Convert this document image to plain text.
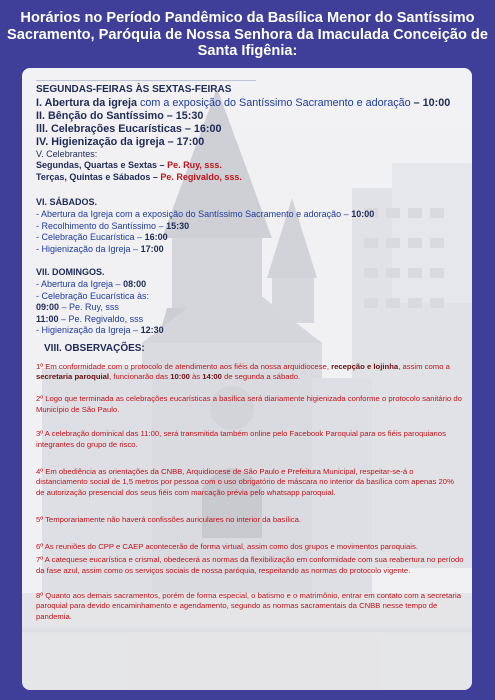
Horários no Período Pandêmico da Basílica Menor do Santíssimo
Sacramento, Paróquia de Nossa Senhora da Imaculada Conceição de
Santa Ifigênia:
SEGUNDAS-FEIRAS ÀS SEXTAS-FEIRAS
I. Abertura da igreja com a exposição do Santíssimo Sacramento e adoração – 10:00
II. Bênção do Santíssimo – 15:30
lll. Celebrações Eucarísticas – 16:00
IV. Higienização da igreja – 17:00
V. Celebrantes:
Segundas, Quartas e Sextas – Pe. Ruy, sss.
Terças, Quintas e Sábados – Pe. Regivaldo, sss.
VI. SÁBADOS.
- Abertura da Igreja com a exposição do Santíssimo Sacramento e adoração – 10:00
- Recolhimento do Santíssimo – 15:30
- Celebração Eucarística – 16:00
- Higienização da Igreja – 17:00
VII. DOMINGOS.
- Abertura da Igreja – 08:00
- Celebração Eucarística às:
09:00 – Pe. Ruy, sss
11:00 – Pe. Regivaldo, sss
- Higienização da Igreja – 12:30
VIII. OBSERVAÇÕES:
1º Em conformidade com o protocolo de atendimento aos fiéis da nossa arquidiocese, recepção e lojinha, assim como a secretaria paroquial, funcionarão das 10:00 às 14:00 de segunda a sábado.
2º Logo que terminada as celebrações eucarísticas a basílica será diariamente higienizada conforme o protocolo sanitário do Município de São Paulo.
3º A celebração dominical das 11:00, será transmitida também online pelo Facebook Paroquial para os fiéis paroquianos integrantes do grupo de risco.
4º Em obediência as orientações da CNBB, Arquidiocese de São Paulo e Prefeitura Municipal, respeitar-se-á o distanciamento social de 1,5 metros por pessoa com o uso obrigatório de máscara no interior da basílica com apenas 20% de autorização presencial dos seus fiéis com marcação prévia pelo whatsapp paroquial.
5º Temporariamente não haverá confissões auriculares no interior da basílica.
6º As reuniões do CPP e CAEP acontecerão de forma virtual, assim como dos grupos e movimentos paroquiais.
7º A catequese eucarística e crismal, obedecerá as normas da flexibilização em conformidade com sua reabertura no período da fase azul, assim como os serviços sociais de nossa paróquia, respeitando as normas do protocolo vigente.
8º Quanto aos demais sacramentos, porém de forma especial, o batismo e o matrimônio, entrar em contato com a secretaria paroquial para devido encaminhamento e agendamento, segundo as normas sacramentais da CNBB nesse tempo de pandemia.
